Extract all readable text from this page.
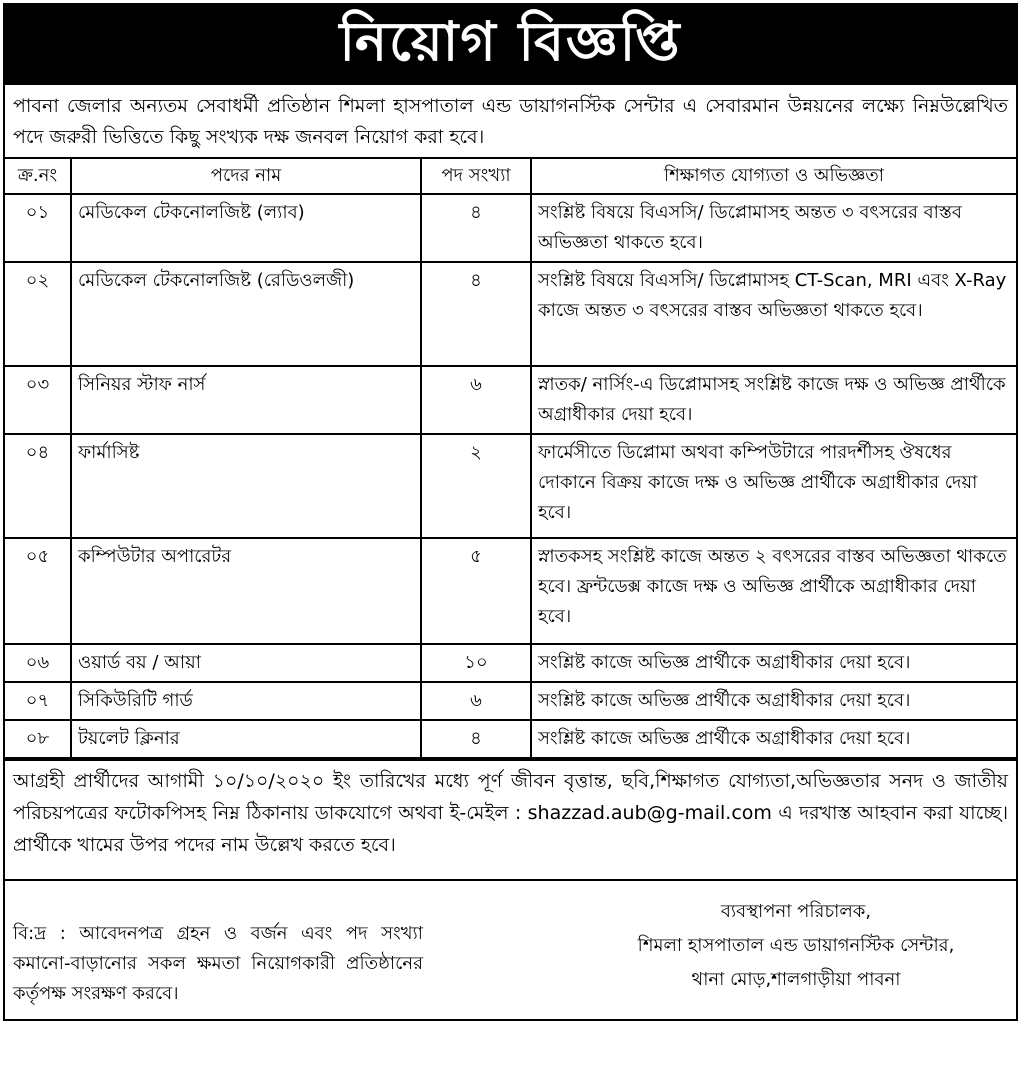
নিয়োগ বিজ্ঞপ্তি
পাবনা জেলার অন্যতম সেবাধর্মী প্রতিষ্ঠান শিমলা হাসপাতাল এন্ড ডায়াগনস্টিক সেন্টার এ সেবারমান উন্নয়নের লক্ষ্যে নিম্নউল্লেখিত পদে জরুরী ভিত্তিতে কিছু সংখ্যক দক্ষ জনবল নিয়োগ করা হবে।
ক্র.নং	পদের নাম	পদ সংখ্যা	শিক্ষাগত যোগ্যতা ও অভিজ্ঞতা
০১	মেডিকেল টেকনোলজিষ্ট (ল্যাব)	৪	সংশ্লিষ্ট বিষয়ে বিএসসি/ ডিপ্লোমাসহ অন্তত ৩ বৎসরের বাস্তব অভিজ্ঞতা থাকতে হবে।
০২	মেডিকেল টেকনোলজিষ্ট (রেডিওলজী)	৪	সংশ্লিষ্ট বিষয়ে বিএসসি/ ডিপ্লোমাসহ CT-Scan, MRI এবং X-Ray কাজে অন্তত ৩ বৎসরের বাস্তব অভিজ্ঞতা থাকতে হবে।
০৩	সিনিয়র স্টাফ নার্স	৬	স্নাতক/ নার্সিং-এ ডিপ্লোমাসহ সংশ্লিষ্ট কাজে দক্ষ ও অভিজ্ঞ প্রার্থীকে অগ্রাধীকার দেয়া হবে।
০৪	ফার্মাসিষ্ট	২	ফার্মেসীতে ডিপ্লোমা অথবা কম্পিউটারে পারদর্শীসহ ঔষধের দোকানে বিক্রয় কাজে দক্ষ ও অভিজ্ঞ প্রার্থীকে অগ্রাধীকার দেয়া হবে।
০৫	কম্পিউটার অপারেটর	৫	স্নাতকসহ সংশ্লিষ্ট কাজে অন্তত ২ বৎসরের বাস্তব অভিজ্ঞতা থাকতে হবে। ফ্রন্টডেক্স কাজে দক্ষ ও অভিজ্ঞ প্রার্থীকে অগ্রাধীকার দেয়া হবে।
০৬	ওয়ার্ড বয় / আয়া	১০	সংশ্লিষ্ট কাজে অভিজ্ঞ প্রার্থীকে অগ্রাধীকার দেয়া হবে।
০৭	সিকিউরিটি গার্ড	৬	সংশ্লিষ্ট কাজে অভিজ্ঞ প্রার্থীকে অগ্রাধীকার দেয়া হবে।
০৮	টয়লেট ক্লিনার	৪	সংশ্লিষ্ট কাজে অভিজ্ঞ প্রার্থীকে অগ্রাধীকার দেয়া হবে।
আগ্রহী প্রার্থীদের আগামী ১০/১০/২০২০ ইং তারিখের মধ্যে পূর্ণ জীবন বৃত্তান্ত, ছবি,শিক্ষাগত যোগ্যতা,অভিজ্ঞতার সনদ ও জাতীয় পরিচয়পত্রের ফটোকপিসহ নিম্ন ঠিকানায় ডাকযোগে অথবা ই-মেইল : shazzad.aub@g-mail.com এ দরখাস্ত আহবান করা যাচ্ছে। প্রার্থীকে খামের উপর পদের নাম উল্লেখ করতে হবে।
বি:দ্র : আবেদনপত্র গ্রহন ও বর্জন এবং পদ সংখ্যা কমানো-বাড়ানোর সকল ক্ষমতা নিয়োগকারী প্রতিষ্ঠানের কর্তৃপক্ষ সংরক্ষণ করবে।
ব্যবস্থাপনা পরিচালক,
শিমলা হাসপাতাল এন্ড ডায়াগনস্টিক সেন্টার,
থানা মোড়,শালগাড়ীয়া পাবনা
